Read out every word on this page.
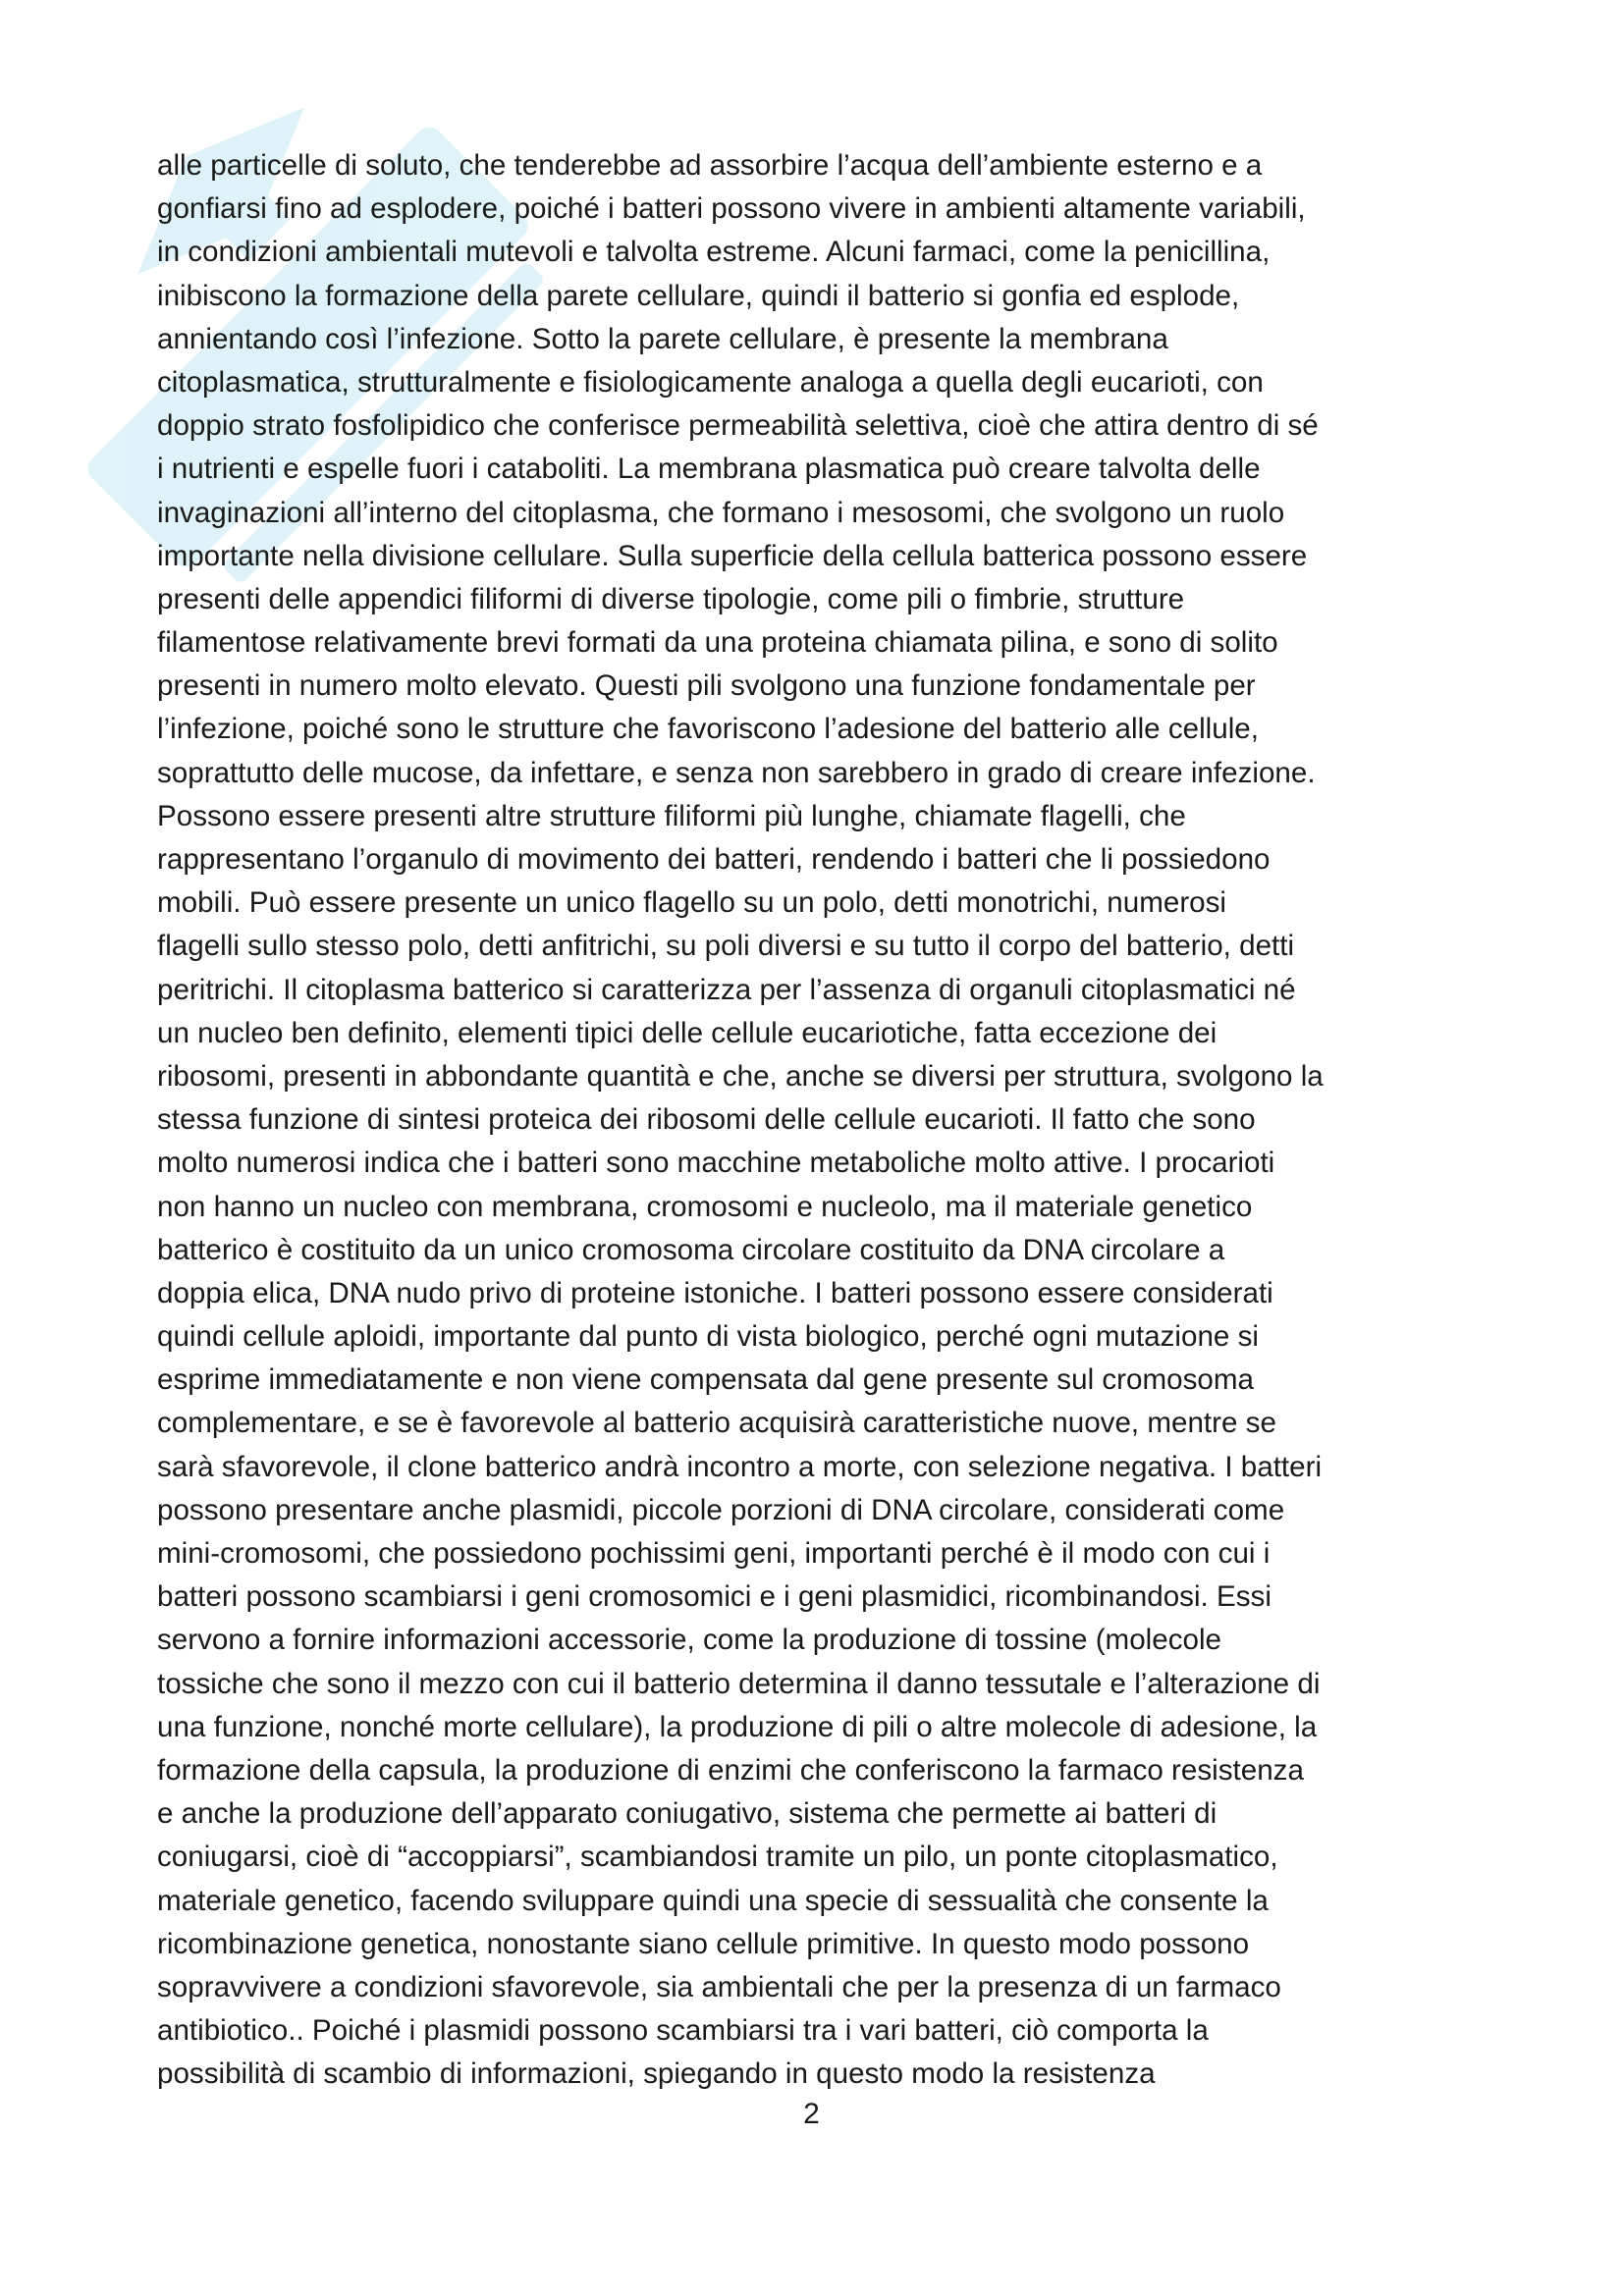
alle particelle di soluto, che tenderebbe ad assorbire l’acqua dell’ambiente esterno e a
gonfiarsi fino ad esplodere, poiché i batteri possono vivere in ambienti altamente variabili,
in condizioni ambientali mutevoli e talvolta estreme. Alcuni farmaci, come la penicillina,
inibiscono la formazione della parete cellulare, quindi il batterio si gonfia ed esplode,
annientando così l’infezione. Sotto la parete cellulare, è presente la membrana
citoplasmatica, strutturalmente e fisiologicamente analoga a quella degli eucarioti, con
doppio strato fosfolipidico che conferisce permeabilità selettiva, cioè che attira dentro di sé
i nutrienti e espelle fuori i cataboliti. La membrana plasmatica può creare talvolta delle
invaginazioni all’interno del citoplasma, che formano i mesosomi, che svolgono un ruolo
importante nella divisione cellulare. Sulla superficie della cellula batterica possono essere
presenti delle appendici filiformi di diverse tipologie, come pili o fimbrie, strutture
filamentose relativamente brevi formati da una proteina chiamata pilina, e sono di solito
presenti in numero molto elevato. Questi pili svolgono una funzione fondamentale per
l’infezione, poiché sono le strutture che favoriscono l’adesione del batterio alle cellule,
soprattutto delle mucose, da infettare, e senza non sarebbero in grado di creare infezione.
Possono essere presenti altre strutture filiformi più lunghe, chiamate flagelli, che
rappresentano l’organulo di movimento dei batteri, rendendo i batteri che li possiedono
mobili. Può essere presente un unico flagello su un polo, detti monotrichi, numerosi
flagelli sullo stesso polo, detti anfitrichi, su poli diversi e su tutto il corpo del batterio, detti
peritrichi. Il citoplasma batterico si caratterizza per l’assenza di organuli citoplasmatici né
un nucleo ben definito, elementi tipici delle cellule eucariotiche, fatta eccezione dei
ribosomi, presenti in abbondante quantità e che, anche se diversi per struttura, svolgono la
stessa funzione di sintesi proteica dei ribosomi delle cellule eucarioti. Il fatto che sono
molto numerosi indica che i batteri sono macchine metaboliche molto attive. I procarioti
non hanno un nucleo con membrana, cromosomi e nucleolo, ma il materiale genetico
batterico è costituito da un unico cromosoma circolare costituito da DNA circolare a
doppia elica, DNA nudo privo di proteine istoniche. I batteri possono essere considerati
quindi cellule aploidi, importante dal punto di vista biologico, perché ogni mutazione si
esprime immediatamente e non viene compensata dal gene presente sul cromosoma
complementare, e se è favorevole al batterio acquisirà caratteristiche nuove, mentre se
sarà sfavorevole, il clone batterico andrà incontro a morte, con selezione negativa. I batteri
possono presentare anche plasmidi, piccole porzioni di DNA circolare, considerati come
mini-cromosomi, che possiedono pochissimi geni, importanti perché è il modo con cui i
batteri possono scambiarsi i geni cromosomici e i geni plasmidici, ricombinandosi. Essi
servono a fornire informazioni accessorie, come la produzione di tossine (molecole
tossiche che sono il mezzo con cui il batterio determina il danno tessutale e l’alterazione di
una funzione, nonché morte cellulare), la produzione di pili o altre molecole di adesione, la
formazione della capsula, la produzione di enzimi che conferiscono la farmaco resistenza
e anche la produzione dell’apparato coniugativo, sistema che permette ai batteri di
coniugarsi, cioè di “accoppiarsi”, scambiandosi tramite un pilo, un ponte citoplasmatico,
materiale genetico, facendo sviluppare quindi una specie di sessualità che consente la
ricombinazione genetica, nonostante siano cellule primitive. In questo modo possono
sopravvivere a condizioni sfavorevole, sia ambientali che per la presenza di un farmaco
antibiotico.. Poiché i plasmidi possono scambiarsi tra i vari batteri, ciò comporta la
possibilità di scambio di informazioni, spiegando in questo modo la resistenza
2
